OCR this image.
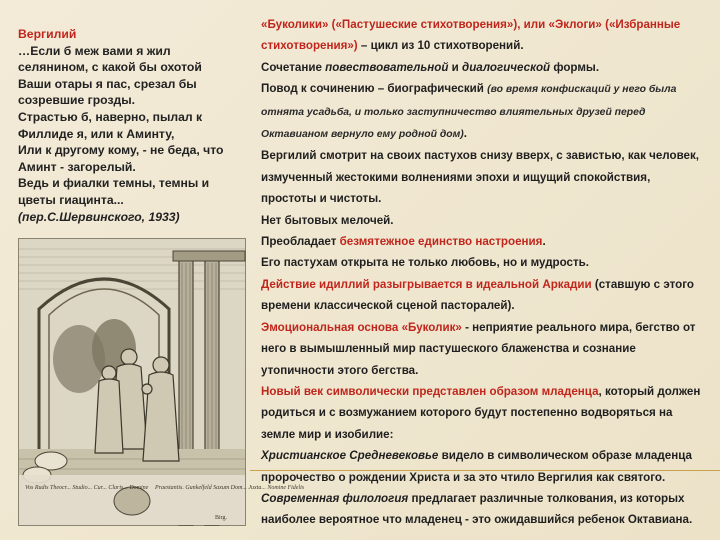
Вергилий
…Если б меж вами я жил
селянином, с какой бы охотой
Ваши отары я пас, срезал бы
созревшие грозды.
Страстью б, наверно, пылал к
Филлиде я, или к Аминту,
Или к другому кому, - не беда, что
Аминт - загорелый.
Ведь и фиалки темны, темны и
цветы гиацинта...
(пер.С.Шервинского, 1933)
Vos Rudis Theocr... Studio... Cur... Claris... Domine Praestantis. Gunkelfeld Saxum Dom... Juxta... Nomine Fidelis
Birg.

«Буколики» («Пастушеские стихотворения»), или «Эклоги» («Избранные стихотворения») – цикл из 10 стихотворений.

Сочетание повествовательной и диалогической формы.

Повод к сочинению – биографический (во время конфискаций у него была отнята усадьба, и только заступничество влиятельных друзей перед Октавианом вернуло ему родной дом).

Вергилий смотрит на своих пастухов снизу вверх, с завистью, как человек, измученный жестокими волнениями эпохи и ищущий спокойствия, простоты и чистоты.

Нет бытовых мелочей.

Преобладает безмятежное единство настроения.

Его пастухам открыта не только любовь, но и мудрость.

Действие идиллий разыгрывается в идеальной Аркадии (ставшую с этого времени классической сценой пасторалей).

Эмоциональная основа «Буколик» - неприятие реального мира, бегство от него в вымышленный мир пастушеского блаженства и сознание утопичности этого бегства.

Новый век символически представлен образом младенца, который должен родиться и с возмужанием которого будут постепенно водворяться на земле мир и изобилие:

Христианское Средневековье видело в символическом образе младенца пророчество о рождении Христа и за это чтило Вергилия как святого.

Современная филология предлагает различные толкования, из которых наиболее вероятное что младенец - это ожидавшийся ребенок Октавиана.
